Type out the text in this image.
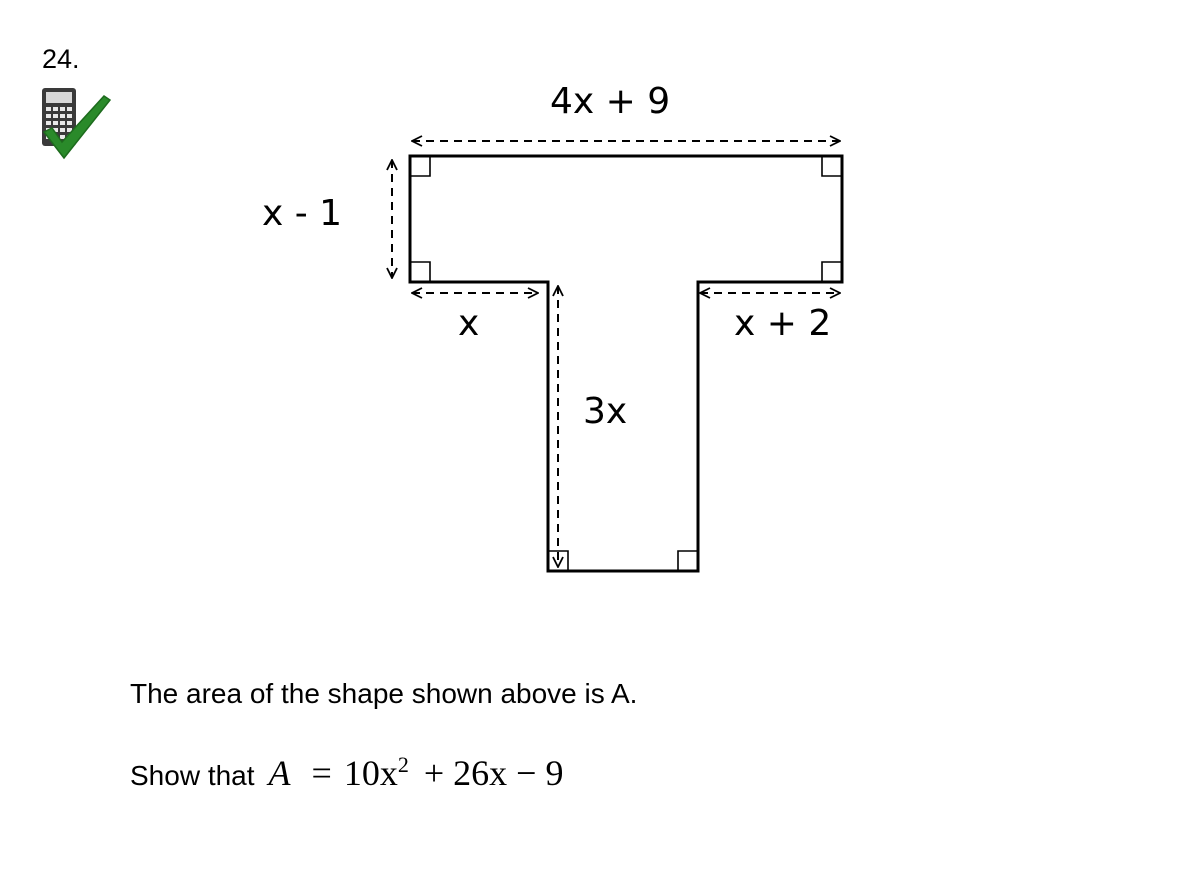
24.
4x + 9
x - 1
x	x + 2
3x
The area of the shape shown above is A.
Show that $A = 10x^2 + 26x - 9$
